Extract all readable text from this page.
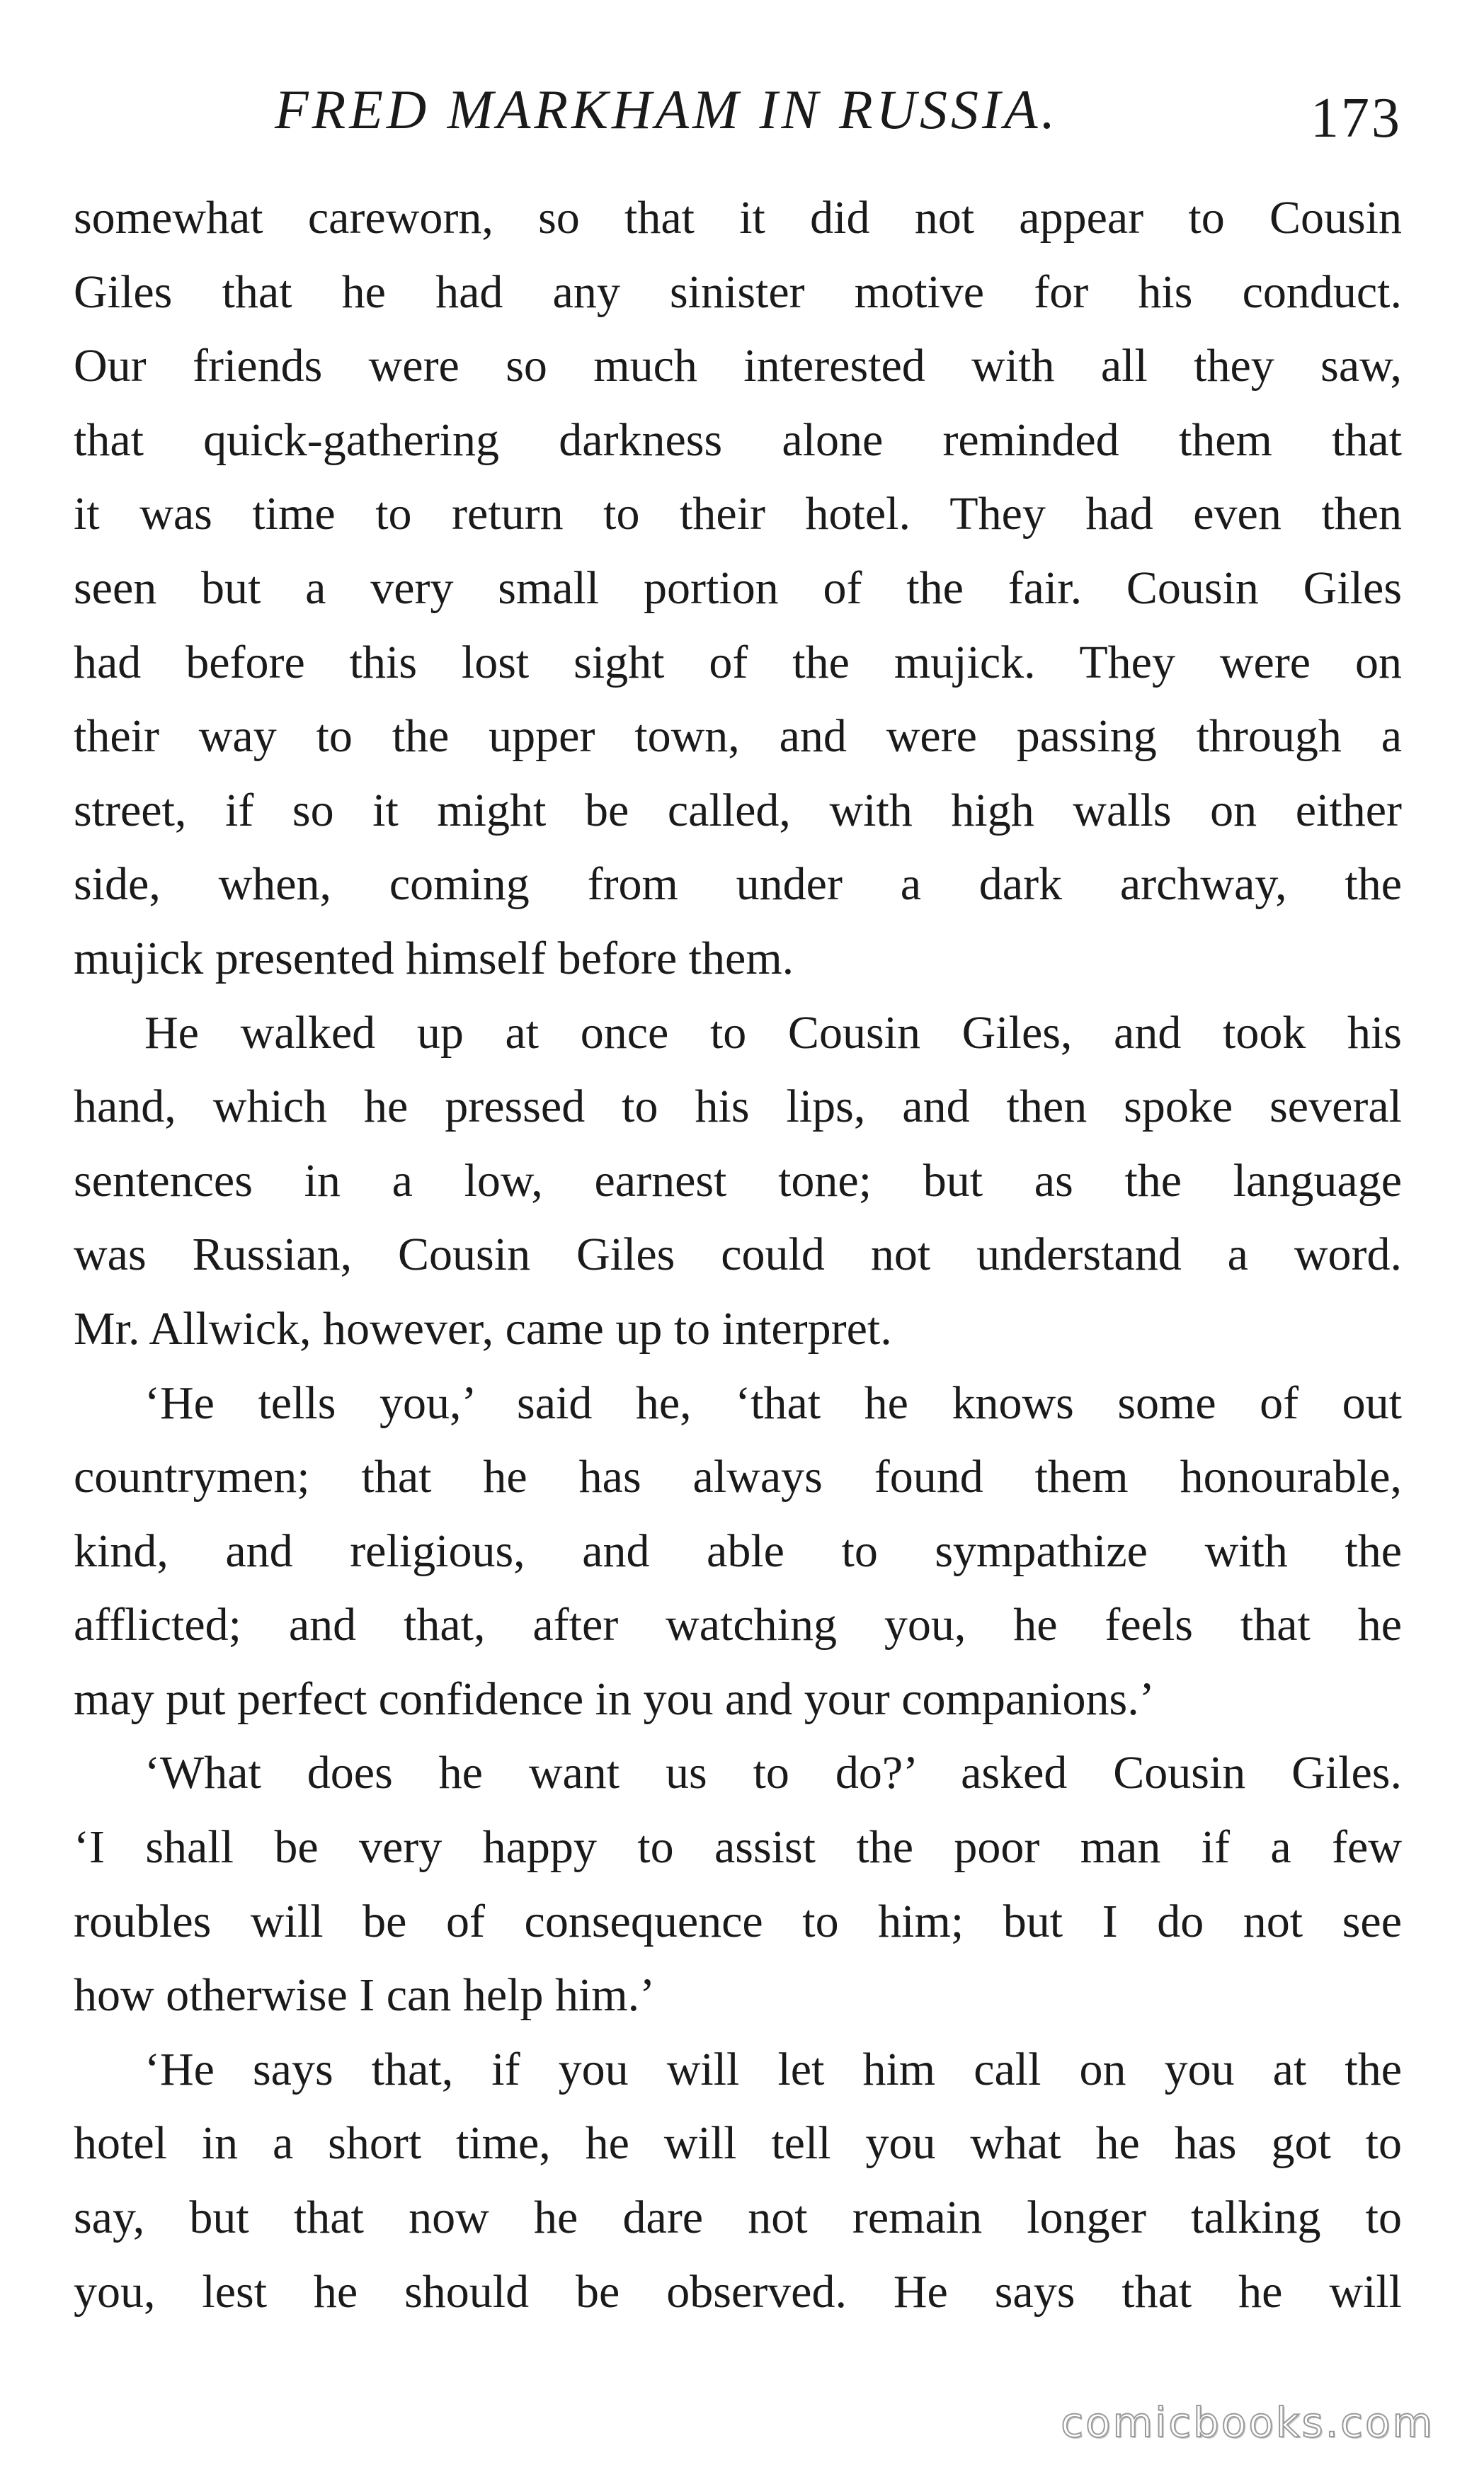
FRED MARKHAM IN RUSSIA.	173
somewhat careworn, so that it did not appear to Cousin
Giles that he had any sinister motive for his conduct.
Our friends were so much interested with all they saw,
that quick-gathering darkness alone reminded them that
it was time to return to their hotel. They had even then
seen but a very small portion of the fair. Cousin Giles
had before this lost sight of the mujick. They were on
their way to the upper town, and were passing through a
street, if so it might be called, with high walls on either
side, when, coming from under a dark archway, the
mujick presented himself before them.
He walked up at once to Cousin Giles, and took his
hand, which he pressed to his lips, and then spoke several
sentences in a low, earnest tone; but as the language
was Russian, Cousin Giles could not understand a word.
Mr. Allwick, however, came up to interpret.
‘He tells you,’ said he, ‘that he knows some of out
countrymen; that he has always found them honourable,
kind, and religious, and able to sympathize with the
afflicted; and that, after watching you, he feels that he
may put perfect confidence in you and your companions.’
‘What does he want us to do?’ asked Cousin Giles.
‘I shall be very happy to assist the poor man if a few
roubles will be of consequence to him; but I do not see
how otherwise I can help him.’
‘He says that, if you will let him call on you at the
hotel in a short time, he will tell you what he has got to
say, but that now he dare not remain longer talking to
you, lest he should be observed. He says that he will
comicbooks.com
